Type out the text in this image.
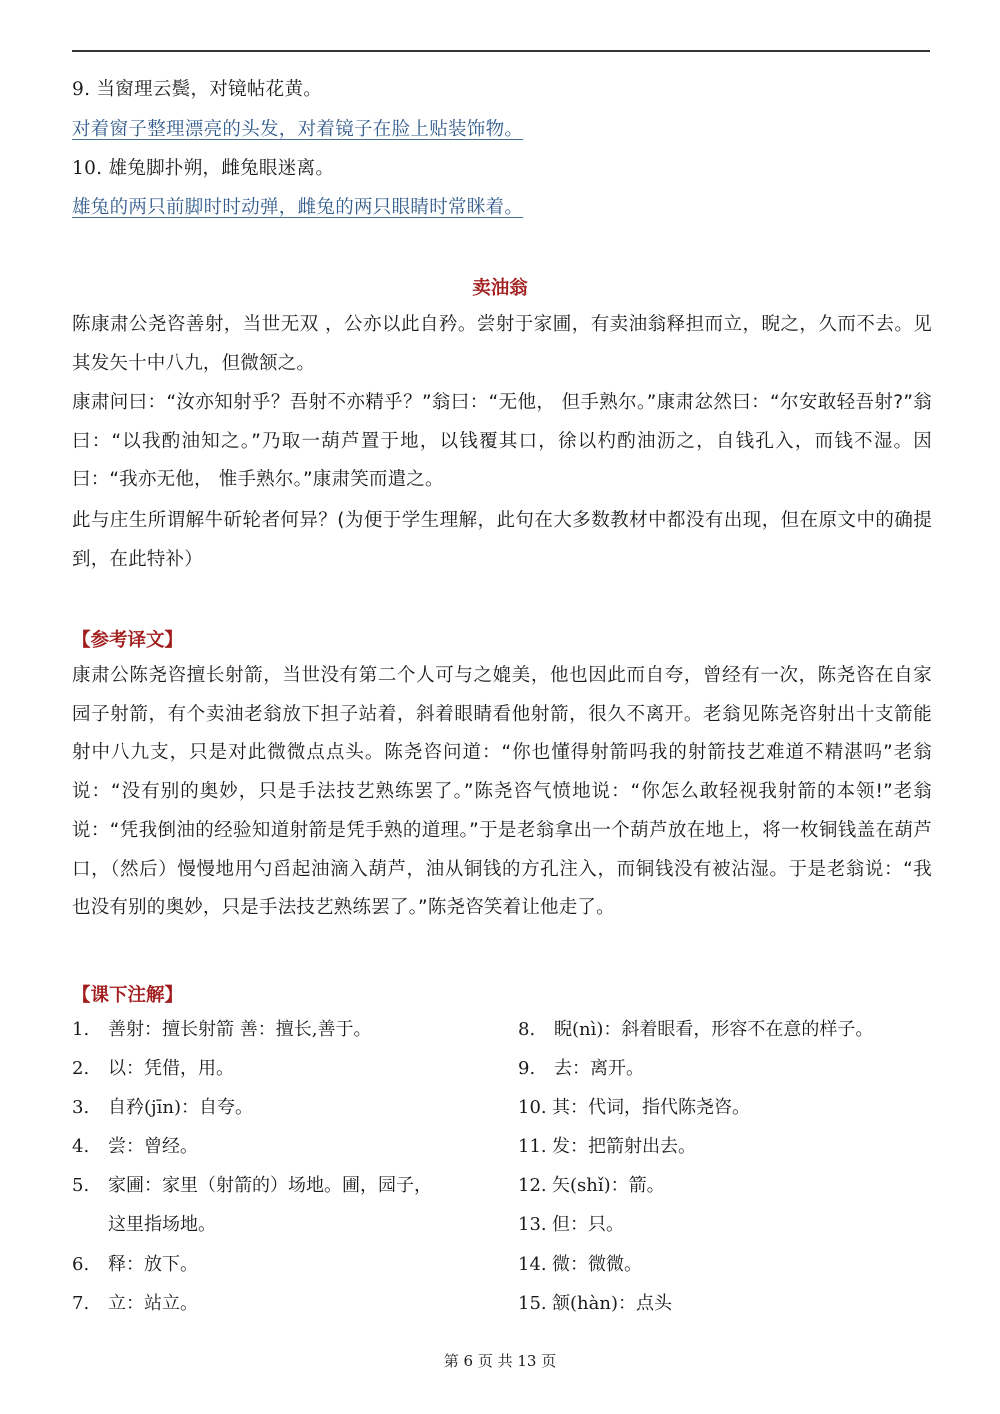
9. 当窗理云鬓，对镜帖花黄。
对着窗子整理漂亮的头发，对着镜子在脸上贴装饰物。
10. 雄兔脚扑朔，雌兔眼迷离。
雄兔的两只前脚时时动弹，雌兔的两只眼睛时常眯着。
卖油翁
陈康肃公尧咨善射，当世无双 ，公亦以此自矜。尝射于家圃，有卖油翁释担而立，睨之，久而不去。见其发矢十中八九，但微颔之。
康肃问曰：“汝亦知射乎？吾射不亦精乎？”翁曰：“无他， 但手熟尔。”康肃忿然曰：“尔安敢轻吾射?”翁曰：“以我酌油知之。”乃取一葫芦置于地，以钱覆其口，徐以杓酌油沥之，自钱孔入，而钱不湿。因曰：“我亦无他， 惟手熟尔。”康肃笑而遣之。
此与庄生所谓解牛斫轮者何异？(为便于学生理解，此句在大多数教材中都没有出现，但在原文中的确提到，在此特补）
【参考译文】
康肃公陈尧咨擅长射箭，当世没有第二个人可与之媲美，他也因此而自夸，曾经有一次，陈尧咨在自家园子射箭，有个卖油老翁放下担子站着，斜着眼睛看他射箭，很久不离开。老翁见陈尧咨射出十支箭能射中八九支，只是对此微微点点头。陈尧咨问道：“你也懂得射箭吗我的射箭技艺难道不精湛吗”老翁说：“没有别的奥妙，只是手法技艺熟练罢了。”陈尧咨气愤地说：“你怎么敢轻视我射箭的本领!”老翁说：“凭我倒油的经验知道射箭是凭手熟的道理。”于是老翁拿出一个葫芦放在地上，将一枚铜钱盖在葫芦口，（然后）慢慢地用勺舀起油滴入葫芦，油从铜钱的方孔注入，而铜钱没有被沾湿。于是老翁说：“我也没有别的奥妙，只是手法技艺熟练罢了。”陈尧咨笑着让他走了。
【课下注解】
1.	善射：擅长射箭 善：擅长,善于。
2.	以：凭借，用。
3.	自矜(jīn)：自夸。
4.	尝：曾经。
5.	家圃：家里（射箭的）场地。圃，园子，
这里指场地。
6.	释：放下。
7.	立：站立。
8.	睨(nì)：斜着眼看，形容不在意的样子。
9.	去：离开。
10. 其：代词，指代陈尧咨。
11. 发：把箭射出去。
12. 矢(shǐ)：箭。
13. 但：只。
14. 微：微微。
15. 颔(hàn)：点头
第 6 页 共 13 页
